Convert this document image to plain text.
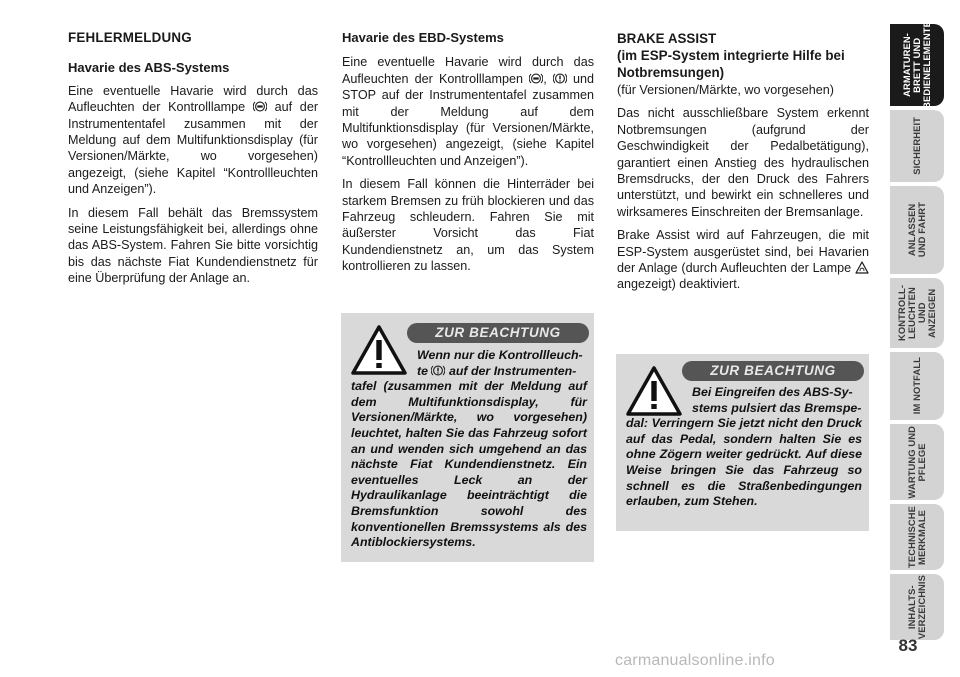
FEHLERMELDUNG
Havarie des ABS-Systems

Eine eventuelle Havarie wird durch das Aufleuchten der Kontrolllampe auf der Instrumententafel zusammen mit der Meldung auf dem Multifunktionsdisplay (für Versionen/Märkte, wo vorgesehen) angezeigt, (siehe Kapitel “Kontrollleuchten und Anzeigen”).

In diesem Fall behält das Bremssystem seine Leistungsfähigkeit bei, allerdings ohne das ABS-System. Fahren Sie bitte vorsichtig bis das nächste Fiat Kundendienstnetz für eine Überprüfung der Anlage an.

Havarie des EBD-Systems

Eine eventuelle Havarie wird durch das Aufleuchten der Kontrolllampen ,  und STOP auf der Instrumententafel zusammen mit der Meldung auf dem Multifunktionsdisplay (für Versionen/Märkte, wo vorgesehen) angezeigt, (siehe Kapitel “Kontrollleuchten und Anzeigen”).

In diesem Fall können die Hinterräder bei starkem Bremsen zu früh blockieren und das Fahrzeug schleudern. Fahren Sie mit äußerster Vorsicht das Fiat Kundendienstnetz an, um das System kontrollieren zu lassen.

ZUR BEACHTUNG
Wenn nur die Kontrollleuch-
te auf der Instrumenten-
tafel (zusammen mit der Meldung auf dem Multifunktionsdisplay, für Versionen/Märkte, wo vorgesehen) leuchtet, halten Sie das Fahrzeug sofort an und wenden sich umgehend an das nächste Fiat Kundendienstnetz. Ein eventuelles Leck an der Hydraulikanlage beeinträchtigt die Bremsfunktion sowohl des konventionellen Bremssystems als des Antiblockiersystems.
BRAKE ASSIST
(im ESP-System integrierte Hilfe bei Notbremsungen)

(für Versionen/Märkte, wo vorgesehen)

Das nicht ausschließbare System erkennt Notbremsungen (aufgrund der Geschwindigkeit der Pedalbetätigung), garantiert einen Anstieg des hydraulischen Bremsdrucks, der den Druck des Fahrers unterstützt, und bewirkt ein schnelleres und wirksameres Einschreiten der Bremsanlage.

Brake Assist wird auf Fahrzeugen, die mit ESP-System ausgerüstet sind, bei Havarien der Anlage (durch Aufleuchten der Lampe  angezeigt) deaktiviert.

ZUR BEACHTUNG
Bei Eingreifen des ABS-Sy-
stems pulsiert das Bremspe-
dal: Verringern Sie jetzt nicht den Druck auf das Pedal, sondern halten Sie es ohne Zögern weiter gedrückt. Auf diese Weise bringen Sie das Fahrzeug so schnell es die Straßenbedingungen erlauben, zum Stehen.
ARMATUREN-
BRETT UND
BEDIENELEMENTE
SICHERHEIT
ANLASSEN
UND FAHRT
KONTROLL-
LEUCHTEN UND
ANZEIGEN
IM NOTFALL
WARTUNG UND
PFLEGE
TECHNISCHE
MERKMALE
INHALTS-
VERZEICHNIS
83
carmanualsonline.info
